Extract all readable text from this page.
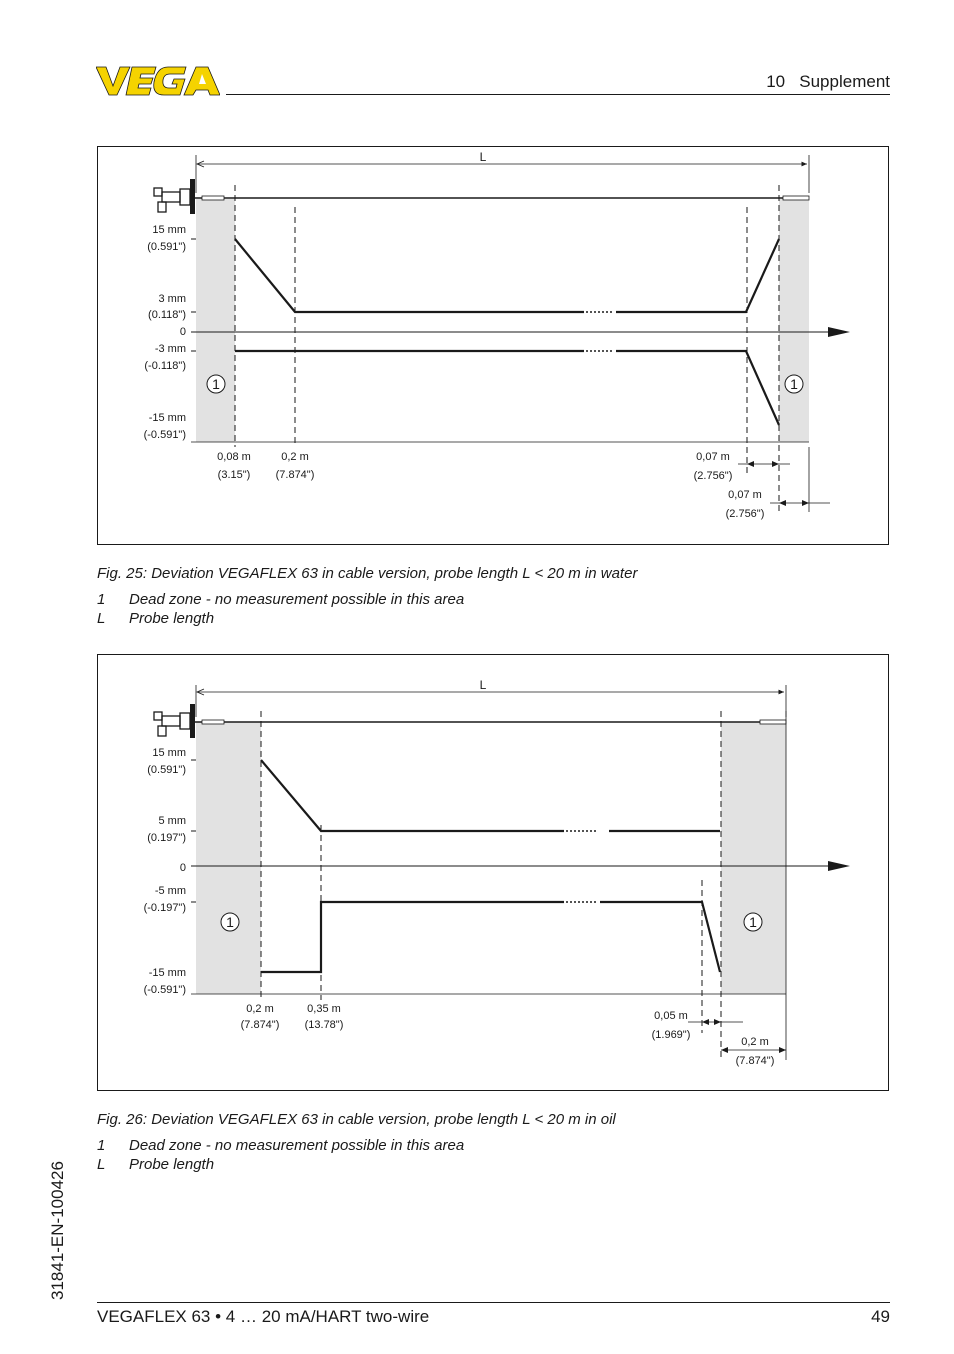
10   Supplement
L
1	1
15 mm
(0.591")
3 mm
(0.118")
0
-3 mm
(-0.118")
-15 mm
(-0.591")
0,08 m
(3.15")
0,2 m
(7.874")
0,07 m
(2.756")
0,07 m
(2.756")
Fig. 25: Deviation VEGAFLEX 63 in cable version, probe length L < 20 m in water
1 Dead zone - no measurement possible in this area
L Probe length
L
1	1
15 mm
(0.591")
5 mm
(0.197")
0
-5 mm
(-0.197")
-15 mm
(-0.591")
0,2 m
(7.874")
0,35 m
(13.78")
0,05 m
(1.969")
0,2 m
(7.874")
Fig. 26: Deviation VEGAFLEX 63 in cable version, probe length L < 20 m in oil
1 Dead zone - no measurement possible in this area
L Probe length
31841-EN-100426
VEGAFLEX 63 • 4 … 20 mA/HART two-wire	49
